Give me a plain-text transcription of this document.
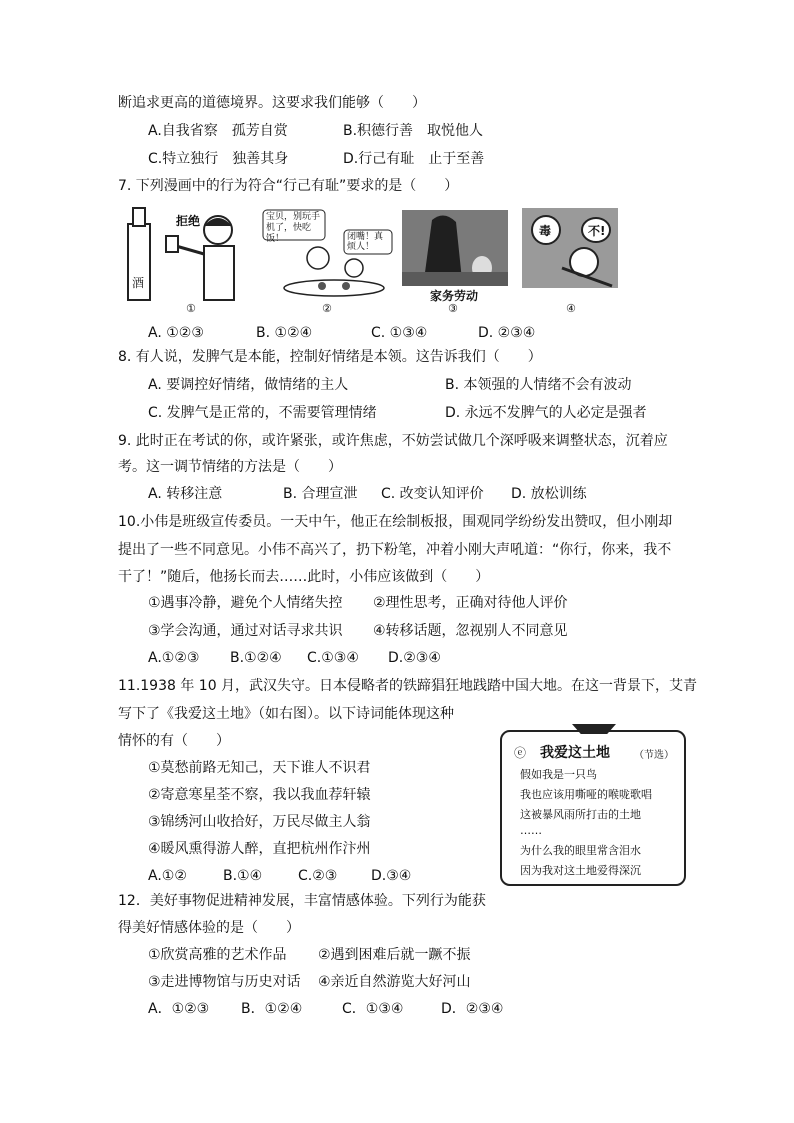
断追求更高的道德境界。这要求我们能够（　　）
A.自我省察　孤芳自赏	B.积德行善　取悦他人
C.特立独行　独善其身	D.行己有耻　止于至善
7. 下列漫画中的行为符合“行己有耻”要求的是（　　）
拒绝
酒
①
宝贝，别玩手机了，快吃饭！	闭嘴！真烦人！
②
家务劳动
③
毒	不!
④
A. ①②③	B. ①②④	C. ①③④	D. ②③④
8. 有人说，发脾气是本能，控制好情绪是本领。这告诉我们（　　）
A. 要调控好情绪，做情绪的主人	B. 本领强的人情绪不会有波动
C. 发脾气是正常的，不需要管理情绪	D. 永远不发脾气的人必定是强者
9. 此时正在考试的你，或许紧张，或许焦虑，不妨尝试做几个深呼吸来调整状态，沉着应
考。这一调节情绪的方法是（　　）
A. 转移注意	B. 合理宣泄 C. 改变认知评价 D. 放松训练
10.小伟是班级宣传委员。一天中午，他正在绘制板报，围观同学纷纷发出赞叹，但小刚却
提出了一些不同意见。小伟不高兴了，扔下粉笔，冲着小刚大声吼道：“你行，你来，我不
干了！”随后，他扬长而去……此时，小伟应该做到（　　）
①遇事冷静，避免个人情绪失控 ②理性思考，正确对待他人评价
③学会沟通，通过对话寻求共识 ④转移话题，忽视别人不同意见
A.①②③ B.①②④ C.①③④ D.②③④
11.1938 年 10 月，武汉失守。日本侵略者的铁蹄猖狂地践踏中国大地。在这一背景下，艾青
写下了《我爱这土地》（如右图）。以下诗词能体现这种
情怀的有（　　）
①莫愁前路无知己，天下谁人不识君
②寄意寒星荃不察，我以我血荐轩辕
③锦绣河山收拾好，万民尽做主人翁
④暖风熏得游人醉，直把杭州作汴州
A.①②	B.①④	C.②③ D.③④
ⓔ 我爱这土地 （节选）
假如我是一只鸟
我也应该用嘶哑的喉咙歌唱
这被暴风雨所打击的土地
……
为什么我的眼里常含泪水
因为我对这土地爱得深沉
12．美好事物促进精神发展，丰富情感体验。下列行为能获
得美好情感体验的是（　　）
①欣赏高雅的艺术作品 ②遇到困难后就一蹶不振
③走进博物馆与历史对话 ④亲近自然游览大好河山
A．①②③ B．①②④	C．①③④	D．②③④
